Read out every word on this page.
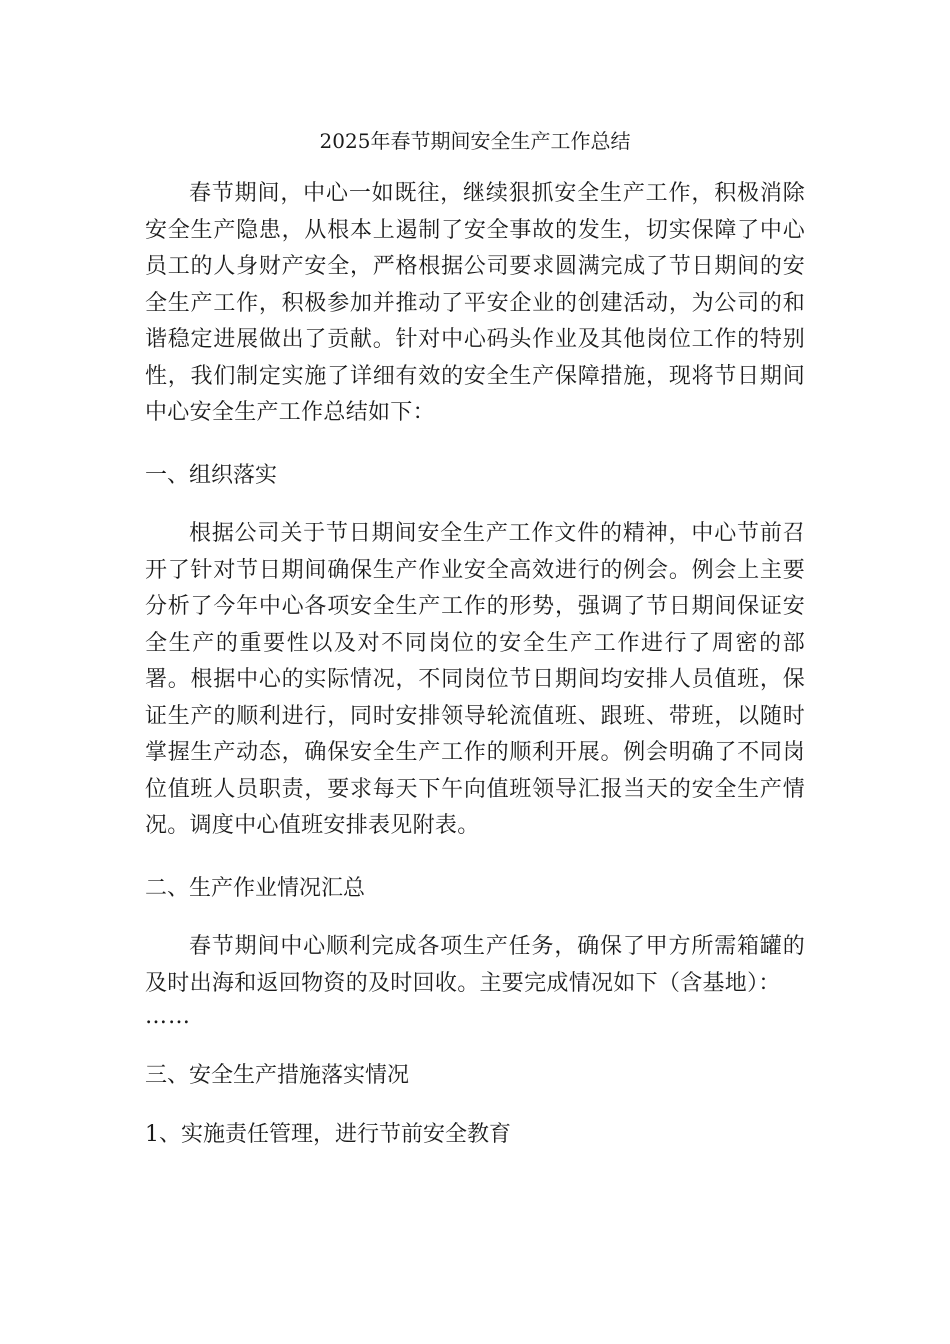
2025年春节期间安全生产工作总结

春节期间，中心一如既往，继续狠抓安全生产工作，积极消除安全生产隐患，从根本上遏制了安全事故的发生，切实保障了中心员工的人身财产安全，严格根据公司要求圆满完成了节日期间的安全生产工作，积极参加并推动了平安企业的创建活动，为公司的和谐稳定进展做出了贡献。针对中心码头作业及其他岗位工作的特别性，我们制定实施了详细有效的安全生产保障措施，现将节日期间中心安全生产工作总结如下：

一、组织落实

根据公司关于节日期间安全生产工作文件的精神，中心节前召开了针对节日期间确保生产作业安全高效进行的例会。例会上主要分析了今年中心各项安全生产工作的形势，强调了节日期间保证安全生产的重要性以及对不同岗位的安全生产工作进行了周密的部署。根据中心的实际情况，不同岗位节日期间均安排人员值班，保证生产的顺利进行，同时安排领导轮流值班、跟班、带班，以随时掌握生产动态，确保安全生产工作的顺利开展。例会明确了不同岗位值班人员职责，要求每天下午向值班领导汇报当天的安全生产情况。调度中心值班安排表见附表。

二、生产作业情况汇总

春节期间中心顺利完成各项生产任务，确保了甲方所需箱罐的及时出海和返回物资的及时回收。主要完成情况如下（含基地）：

……

三、安全生产措施落实情况
1、实施责任管理，进行节前安全教育
